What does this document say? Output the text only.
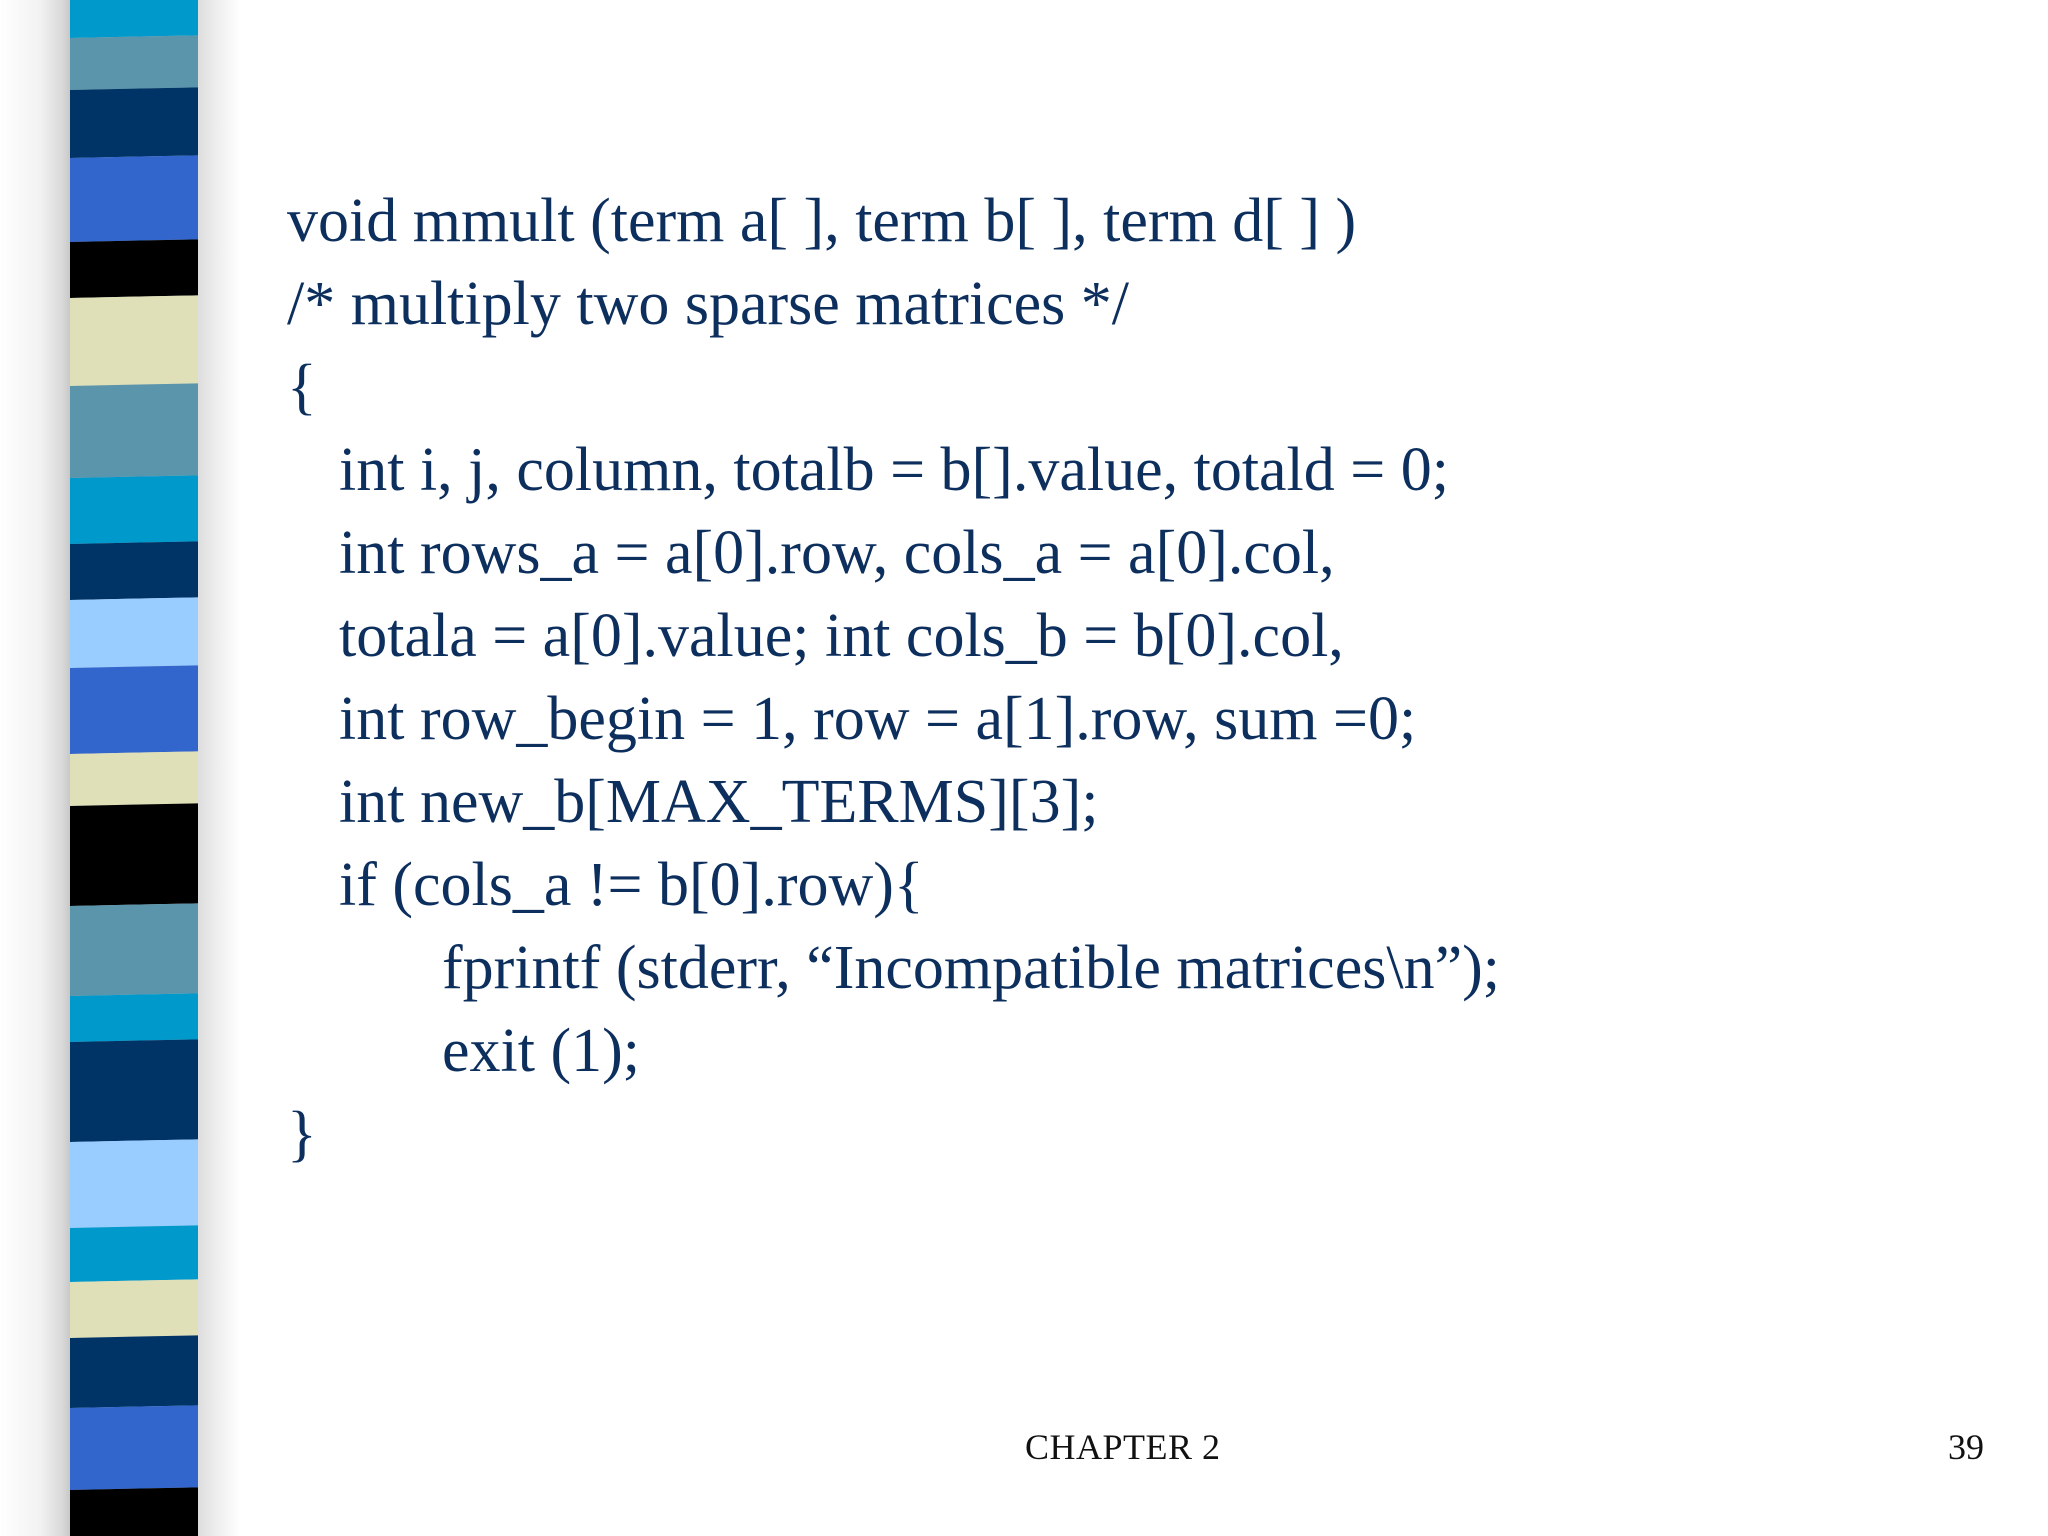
void mmult (term a[ ], term b[ ], term d[ ] )
/* multiply two sparse matrices */
{
int i, j, column, totalb = b[].value, totald = 0;
int rows_a = a[0].row, cols_a = a[0].col,
totala = a[0].value; int cols_b = b[0].col,
int row_begin = 1, row = a[1].row, sum =0;
int new_b[MAX_TERMS][3];
if (cols_a != b[0].row){
fprintf (stderr, “Incompatible matrices\n”);
exit (1);
}
CHAPTER 2	39
